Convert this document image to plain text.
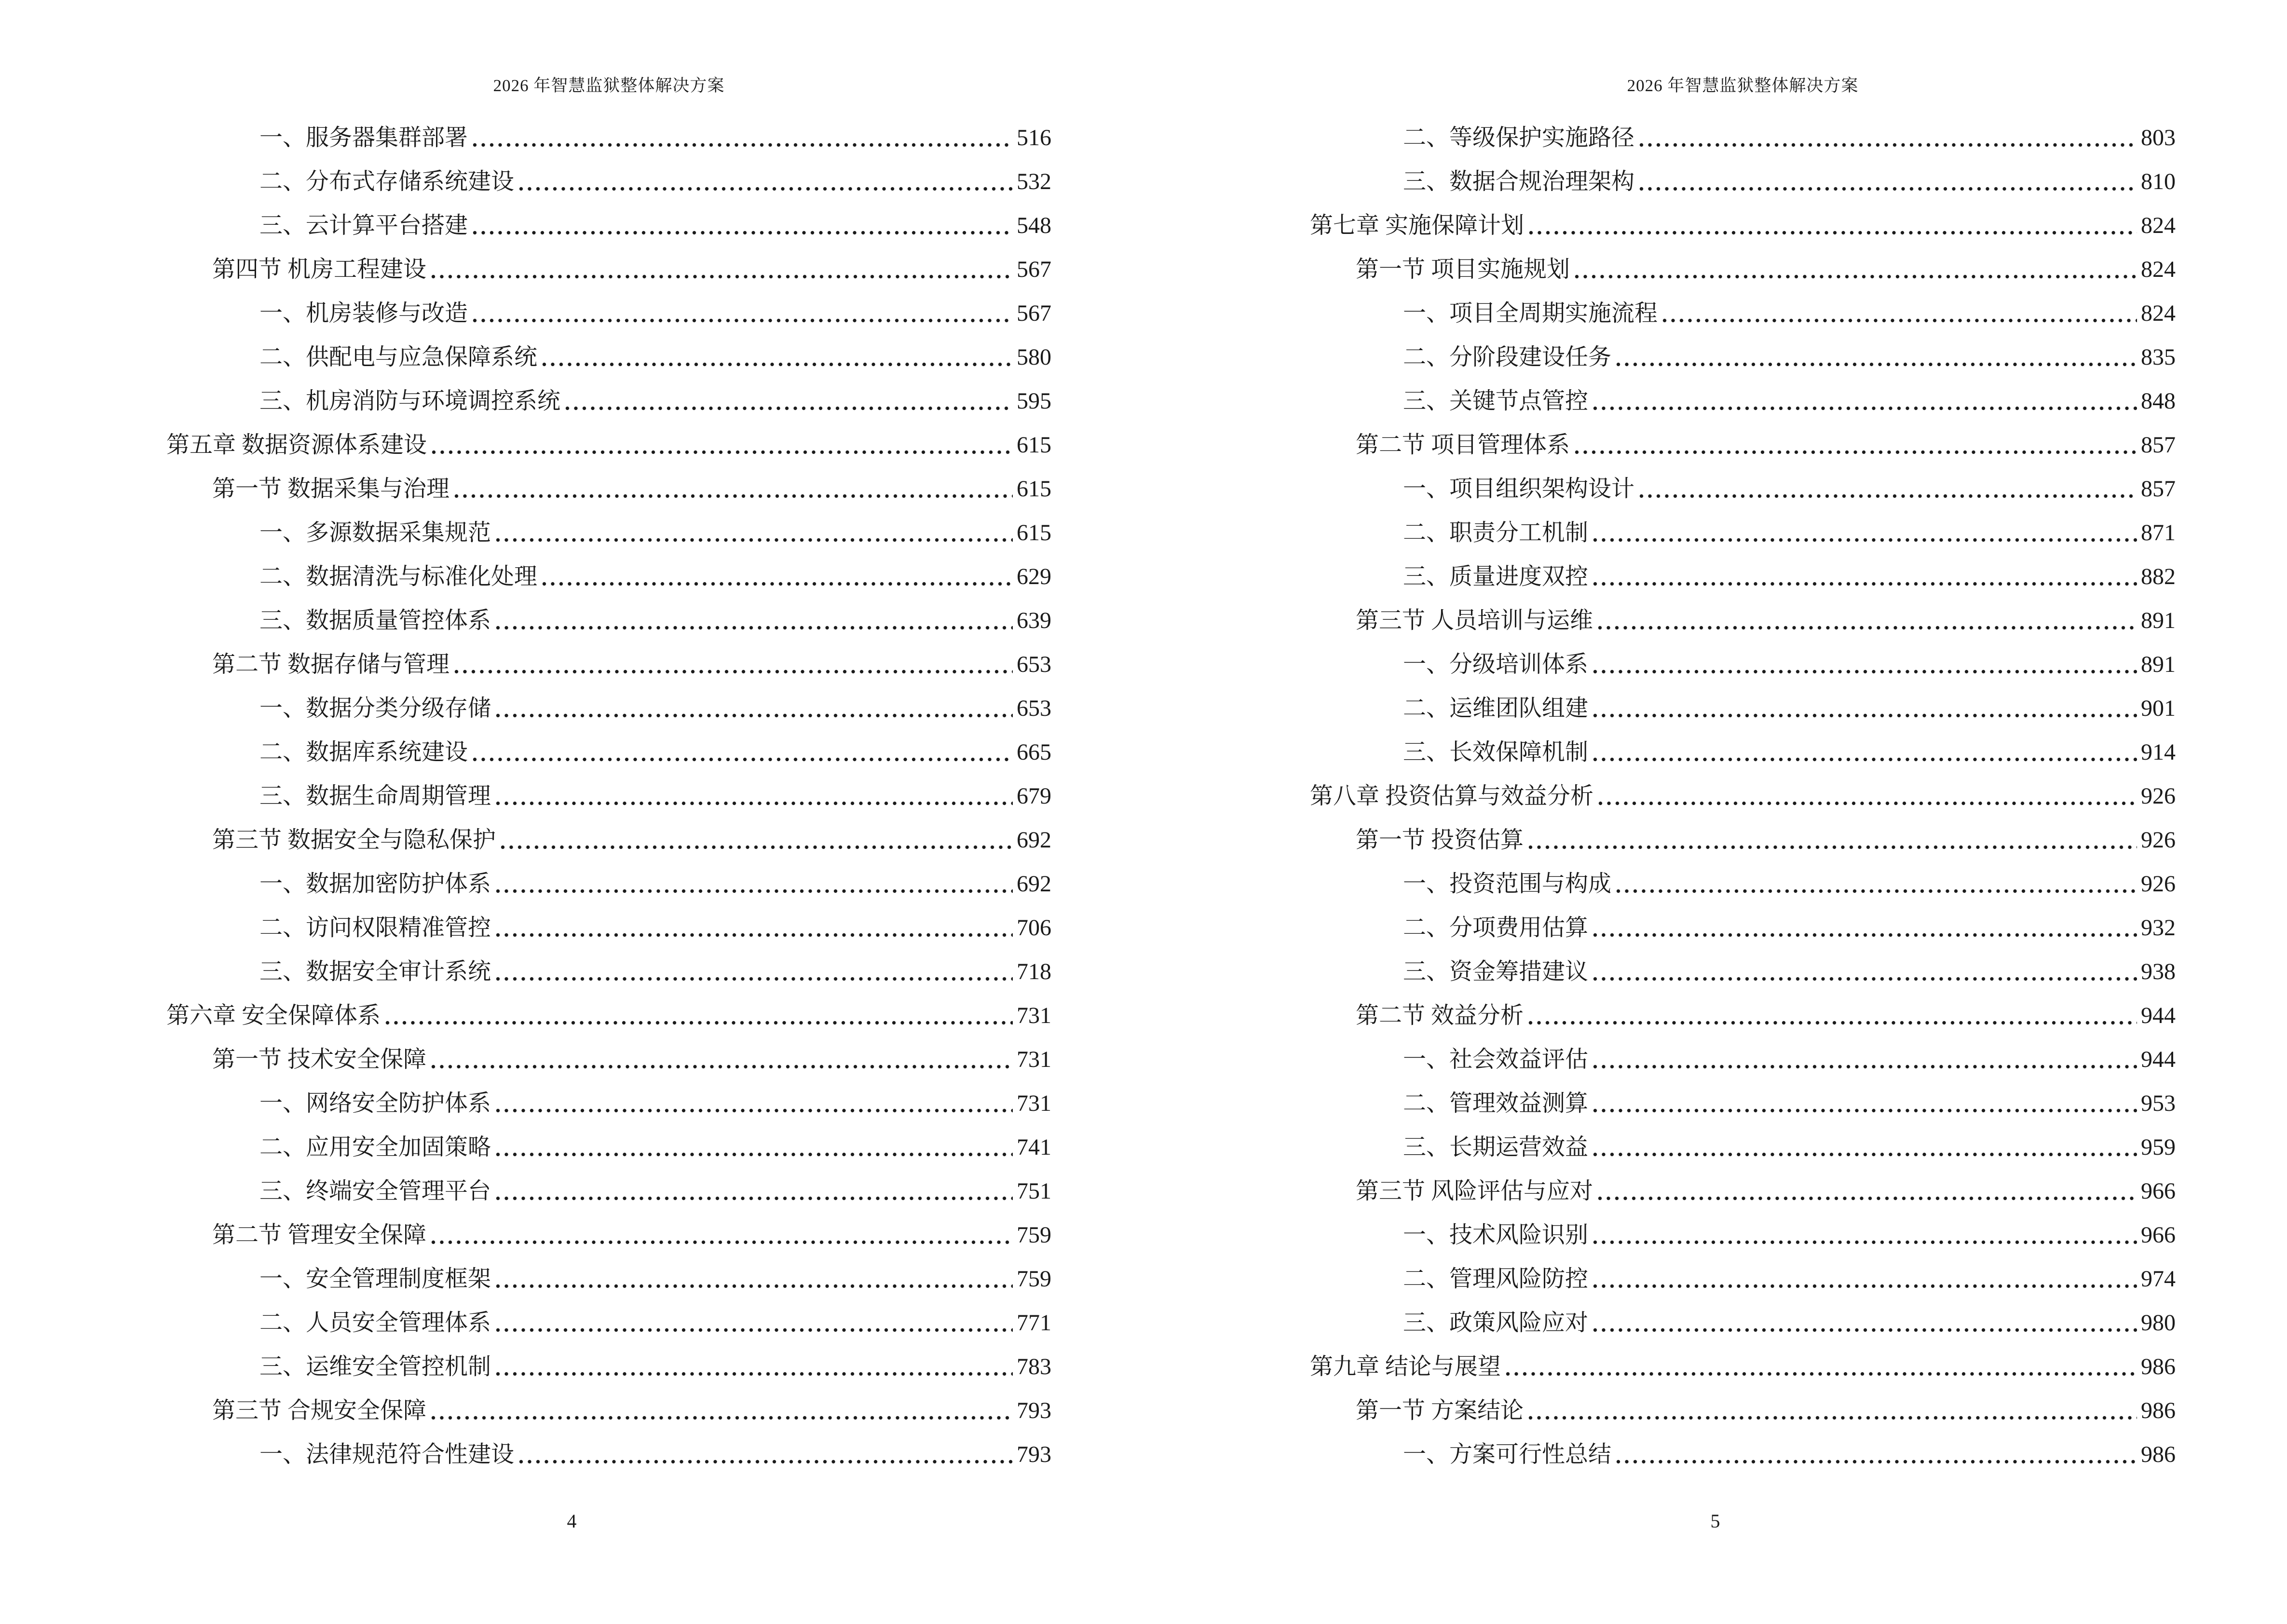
2026 年智慧监狱整体解决方案
一、服务器集群部署	516
二、分布式存储系统建设	532
三、云计算平台搭建	548
第四节 机房工程建设	567
一、机房装修与改造	567
二、供配电与应急保障系统	580
三、机房消防与环境调控系统	595
第五章 数据资源体系建设	615
第一节 数据采集与治理	615
一、多源数据采集规范	615
二、数据清洗与标准化处理	629
三、数据质量管控体系	639
第二节 数据存储与管理	653
一、数据分类分级存储	653
二、数据库系统建设	665
三、数据生命周期管理	679
第三节 数据安全与隐私保护	692
一、数据加密防护体系	692
二、访问权限精准管控	706
三、数据安全审计系统	718
第六章 安全保障体系	731
第一节 技术安全保障	731
一、网络安全防护体系	731
二、应用安全加固策略	741
三、终端安全管理平台	751
第二节 管理安全保障	759
一、安全管理制度框架	759
二、人员安全管理体系	771
三、运维安全管控机制	783
第三节 合规安全保障	793
一、法律规范符合性建设	793
4
2026 年智慧监狱整体解决方案
二、等级保护实施路径	803
三、数据合规治理架构	810
第七章 实施保障计划	824
第一节 项目实施规划	824
一、项目全周期实施流程	824
二、分阶段建设任务	835
三、关键节点管控	848
第二节 项目管理体系	857
一、项目组织架构设计	857
二、职责分工机制	871
三、质量进度双控	882
第三节 人员培训与运维	891
一、分级培训体系	891
二、运维团队组建	901
三、长效保障机制	914
第八章 投资估算与效益分析	926
第一节 投资估算	926
一、投资范围与构成	926
二、分项费用估算	932
三、资金筹措建议	938
第二节 效益分析	944
一、社会效益评估	944
二、管理效益测算	953
三、长期运营效益	959
第三节 风险评估与应对	966
一、技术风险识别	966
二、管理风险防控	974
三、政策风险应对	980
第九章 结论与展望	986
第一节 方案结论	986
一、方案可行性总结	986
5
